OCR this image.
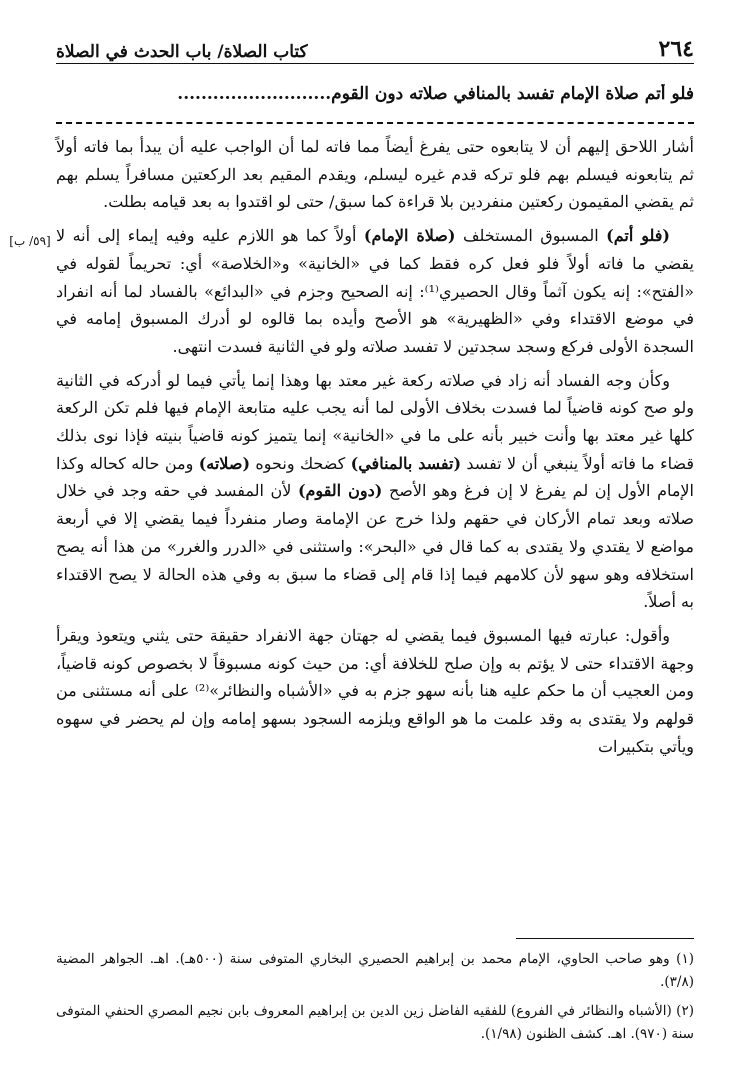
٢٦٤
كتاب الصلاة/ باب الحدث في الصلاة
فلو أتم صلاة الإمام تفسد بالمنافي صلاته دون القوم..........................
[٥٩/ ب]

أشار اللاحق إليهم أن لا يتابعوه حتى يفرغ أيضاً مما فاته لما أن الواجب عليه أن يبدأ بما فاته أولاً ثم يتابعونه فيسلم بهم فلو تركه قدم غيره ليسلم، ويقدم المقيم بعد الركعتين مسافراً يسلم بهم ثم يقضي المقيمون ركعتين منفردين بلا قراءة كما سبق/ حتى لو اقتدوا به بعد قيامه بطلت.

(فلو أتم) المسبوق المستخلف (صلاة الإمام) أولاً كما هو اللازم عليه وفيه إيماء إلى أنه لا يقضي ما فاته أولاً فلو فعل كره فقط كما في «الخانية» و«الخلاصة» أي: تحريماً لقوله في «الفتح»: إنه يكون آثماً وقال الحصيري⁽¹⁾: إنه الصحيح وجزم في «البدائع» بالفساد لما أنه انفراد في موضع الاقتداء وفي «الظهيرية» هو الأصح وأيده بما قالوه لو أدرك المسبوق إمامه في السجدة الأولى فركع وسجد سجدتين لا تفسد صلاته ولو في الثانية فسدت انتهى.

وكأن وجه الفساد أنه زاد في صلاته ركعة غير معتد بها وهذا إنما يأتي فيما لو أدركه في الثانية ولو صح كونه قاضياً لما فسدت بخلاف الأولى لما أنه يجب عليه متابعة الإمام فيها فلم تكن الركعة كلها غير معتد بها وأنت خبير بأنه على ما في «الخانية» إنما يتميز كونه قاضياً بنيته فإذا نوى بذلك قضاء ما فاته أولاً ينبغي أن لا تفسد (تفسد بالمنافي) كضحك ونحوه (صلاته) ومن حاله كحاله وكذا الإمام الأول إن لم يفرغ لا إن فرغ وهو الأصح (دون القوم) لأن المفسد في حقه وجد في خلال صلاته وبعد تمام الأركان في حقهم ولذا خرج عن الإمامة وصار منفرداً فيما يقضي إلا في أربعة مواضع لا يقتدي ولا يقتدى به كما قال في «البحر»: واستثنى في «الدرر والغرر» من هذا أنه يصح استخلافه وهو سهو لأن كلامهم فيما إذا قام إلى قضاء ما سبق به وفي هذه الحالة لا يصح الاقتداء به أصلاً.

وأقول: عبارته فيها المسبوق فيما يقضي له جهتان جهة الانفراد حقيقة حتى يثني ويتعوذ ويقرأ وجهة الاقتداء حتى لا يؤتم به وإن صلح للخلافة أي: من حيث كونه مسبوقاً لا بخصوص كونه قاضياً، ومن العجيب أن ما حكم عليه هنا بأنه سهو جزم به في «الأشباه والنظائر»⁽²⁾ على أنه مستثنى من قولهم ولا يقتدى به وقد علمت ما هو الواقع ويلزمه السجود بسهو إمامه وإن لم يحضر في سهوه ويأتي بتكبيرات

(١) وهو صاحب الحاوي، الإمام محمد بن إبراهيم الحصيري البخاري المتوفى سنة (٥٠٠هـ). اهـ. الجواهر المضية (٣/٨).

(٢) (الأشباه والنظائر في الفروع) للفقيه الفاضل زين الدين بن إبراهيم المعروف بابن نجيم المصري الحنفي المتوفى سنة (٩٧٠). اهـ. كشف الظنون (١/٩٨).
